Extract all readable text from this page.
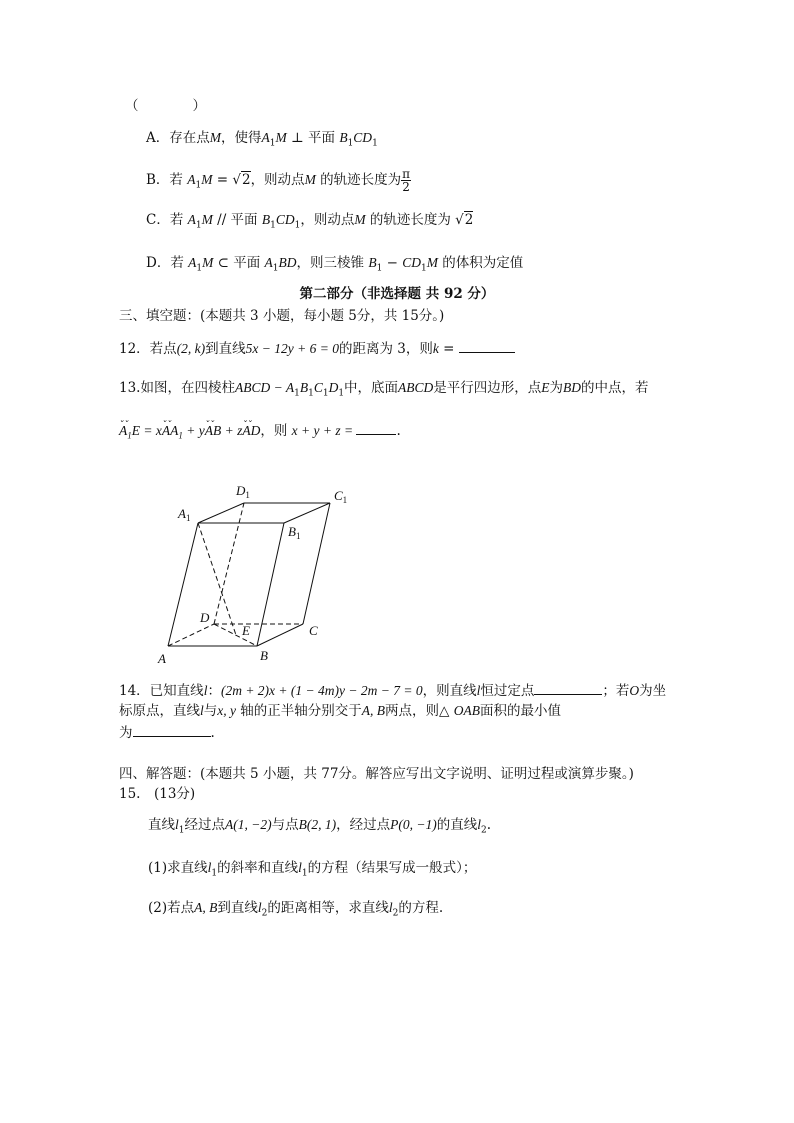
（　　　　）
A．存在点M，使得$A_1M$ ⊥ 平面 $B_1CD_1$
B．若 $A_1M = √2$，则动点M 的轨迹长度为 $\frac{\pi}{2}$
C．若 $A_1M$ // 平面 $B_1CD_1$，则动点M 的轨迹长度为 √2
D．若 $A_1M$ ⊂ 平面 $A_1BD$，则三棱锥 $B_1 - CD_1M$ 的体积为定值
第二部分（非选择题 共 92 分）
三、填空题：(本题共 3 小题，每小题 5分，共 15分。)
12．若点(2, k)到直线5x − 12y + 6 = 0的距离为 3，则k =
13.如图，在四棱柱ABCD − $A_1B_1C_1D_1$中，底面ABCD是平行四边形，点E为BD的中点，若
⌄⌄ $A_1E$ = x⌄⌄ $AA_1$ + y⌄⌄ AB + z⌄⌄ AD，则 x + y + z =	.
$A_1$
$D_1$	$C_1$
$B_1$
D
E	C
B
A
14．已知直线l：(2m + 2)x + (1 − 4m)y − 2m − 7 = 0，则直线l恒过定点	；若O为坐
标原点，直线l与x, y 轴的正半轴分别交于A, B两点，则△ OAB面积的最小值
为	.
四、解答题：(本题共 5 小题，共 77分。解答应写出文字说明、证明过程或演算步聚。)
15.　(13分)
直线$l_1$经过点A(1, −2)与点B(2, 1)，经过点P(0, −1)的直线$l_2$.
(1)求直线$l_1$的斜率和直线$l_1$的方程（结果写成一般式）；
(2)若点A, B到直线$l_2$的距离相等，求直线$l_2$的方程.
